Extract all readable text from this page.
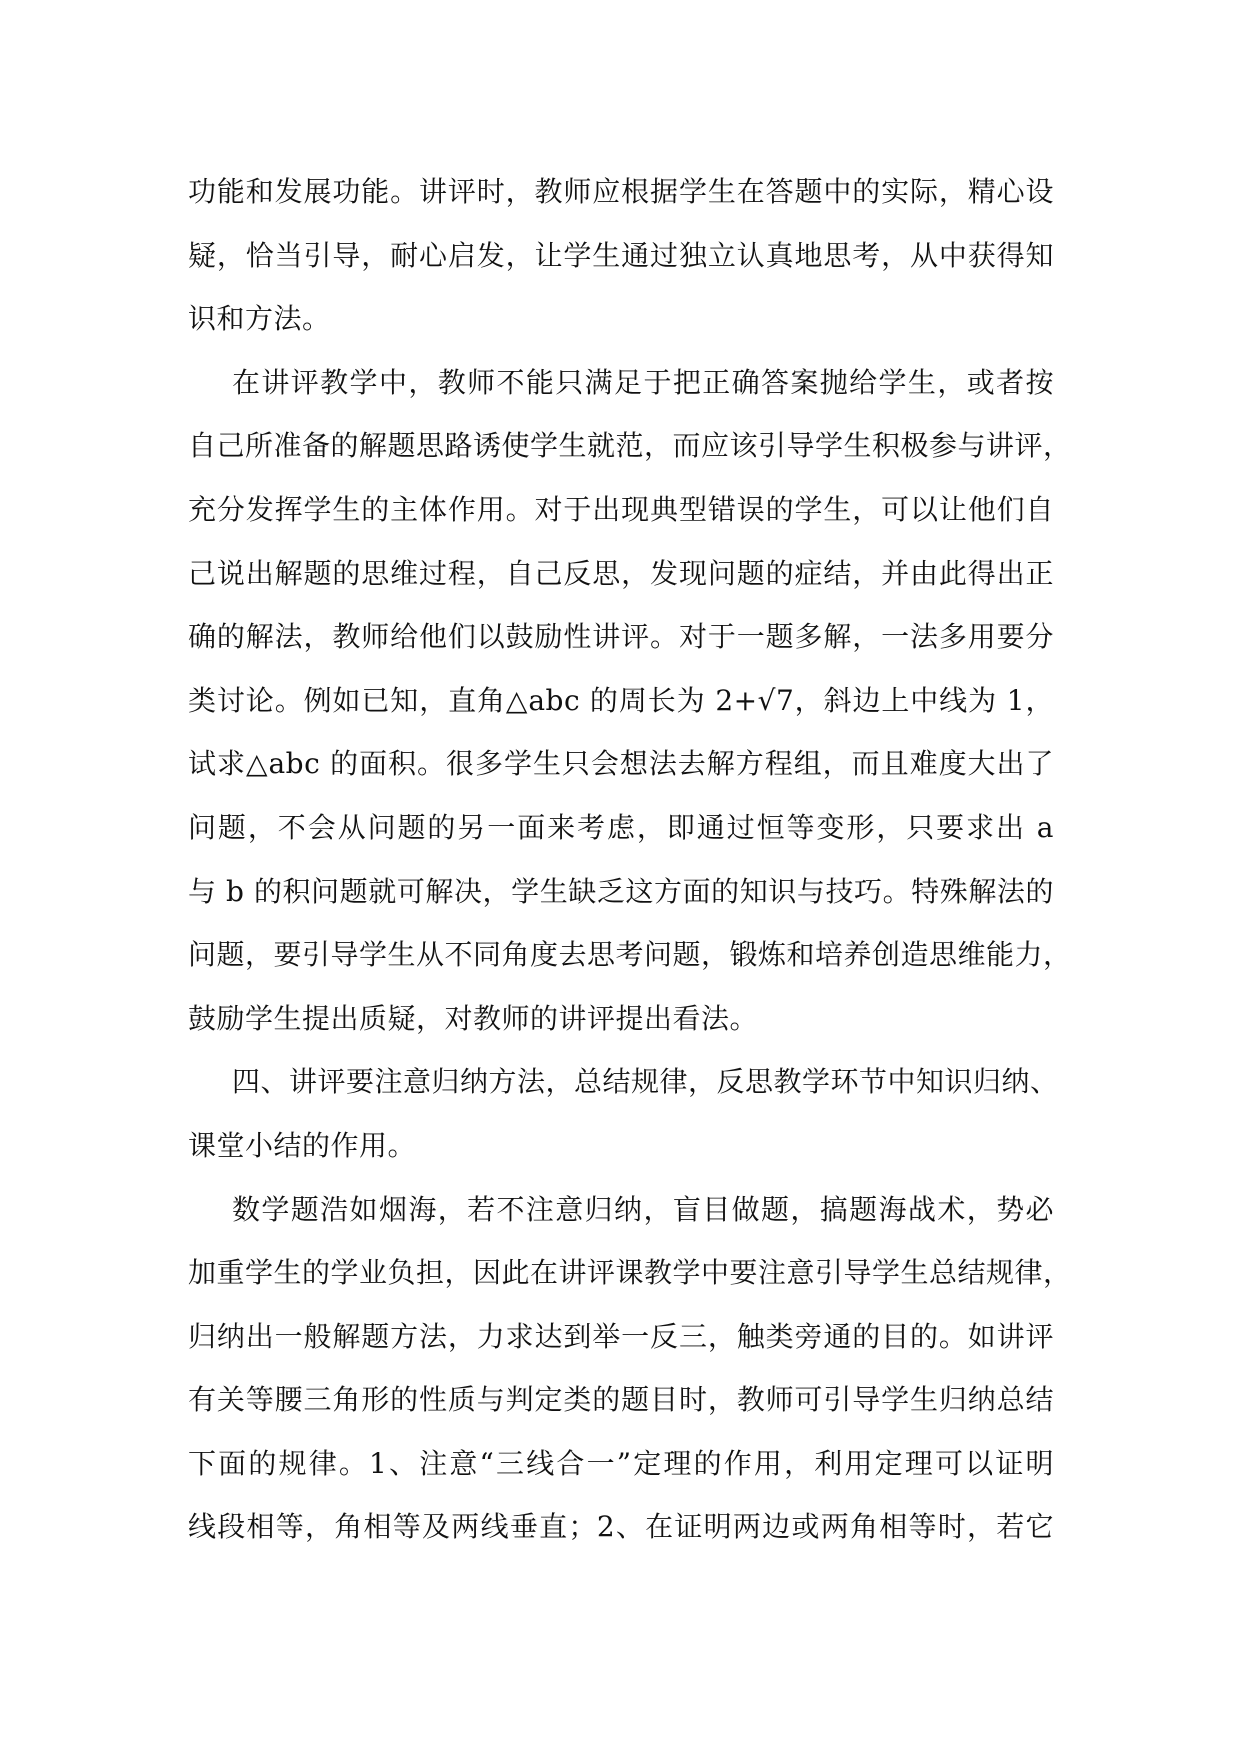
功能和发展功能。讲评时，教师应根据学生在答题中的实际，精心设
疑，恰当引导，耐心启发，让学生通过独立认真地思考，从中获得知
识和方法。
在讲评教学中，教师不能只满足于把正确答案抛给学生，或者按
自己所准备的解题思路诱使学生就范，而应该引导学生积极参与讲评，
充分发挥学生的主体作用。对于出现典型错误的学生，可以让他们自
己说出解题的思维过程，自己反思，发现问题的症结，并由此得出正
确的解法，教师给他们以鼓励性讲评。对于一题多解，一法多用要分
类讨论。例如已知，直角△abc 的周长为 2+√7，斜边上中线为 1，
试求△abc 的面积。很多学生只会想法去解方程组，而且难度大出了
问题，不会从问题的另一面来考虑，即通过恒等变形，只要求出 a
与 b 的积问题就可解决，学生缺乏这方面的知识与技巧。特殊解法的
问题，要引导学生从不同角度去思考问题，锻炼和培养创造思维能力，
鼓励学生提出质疑，对教师的讲评提出看法。
四、讲评要注意归纳方法，总结规律，反思教学环节中知识归纳、
课堂小结的作用。
数学题浩如烟海，若不注意归纳，盲目做题，搞题海战术，势必
加重学生的学业负担，因此在讲评课教学中要注意引导学生总结规律，
归纳出一般解题方法，力求达到举一反三，触类旁通的目的。如讲评
有关等腰三角形的性质与判定类的题目时，教师可引导学生归纳总结
下面的规律。1、注意“三线合一”定理的作用，利用定理可以证明
线段相等，角相等及两线垂直；2、在证明两边或两角相等时，若它
